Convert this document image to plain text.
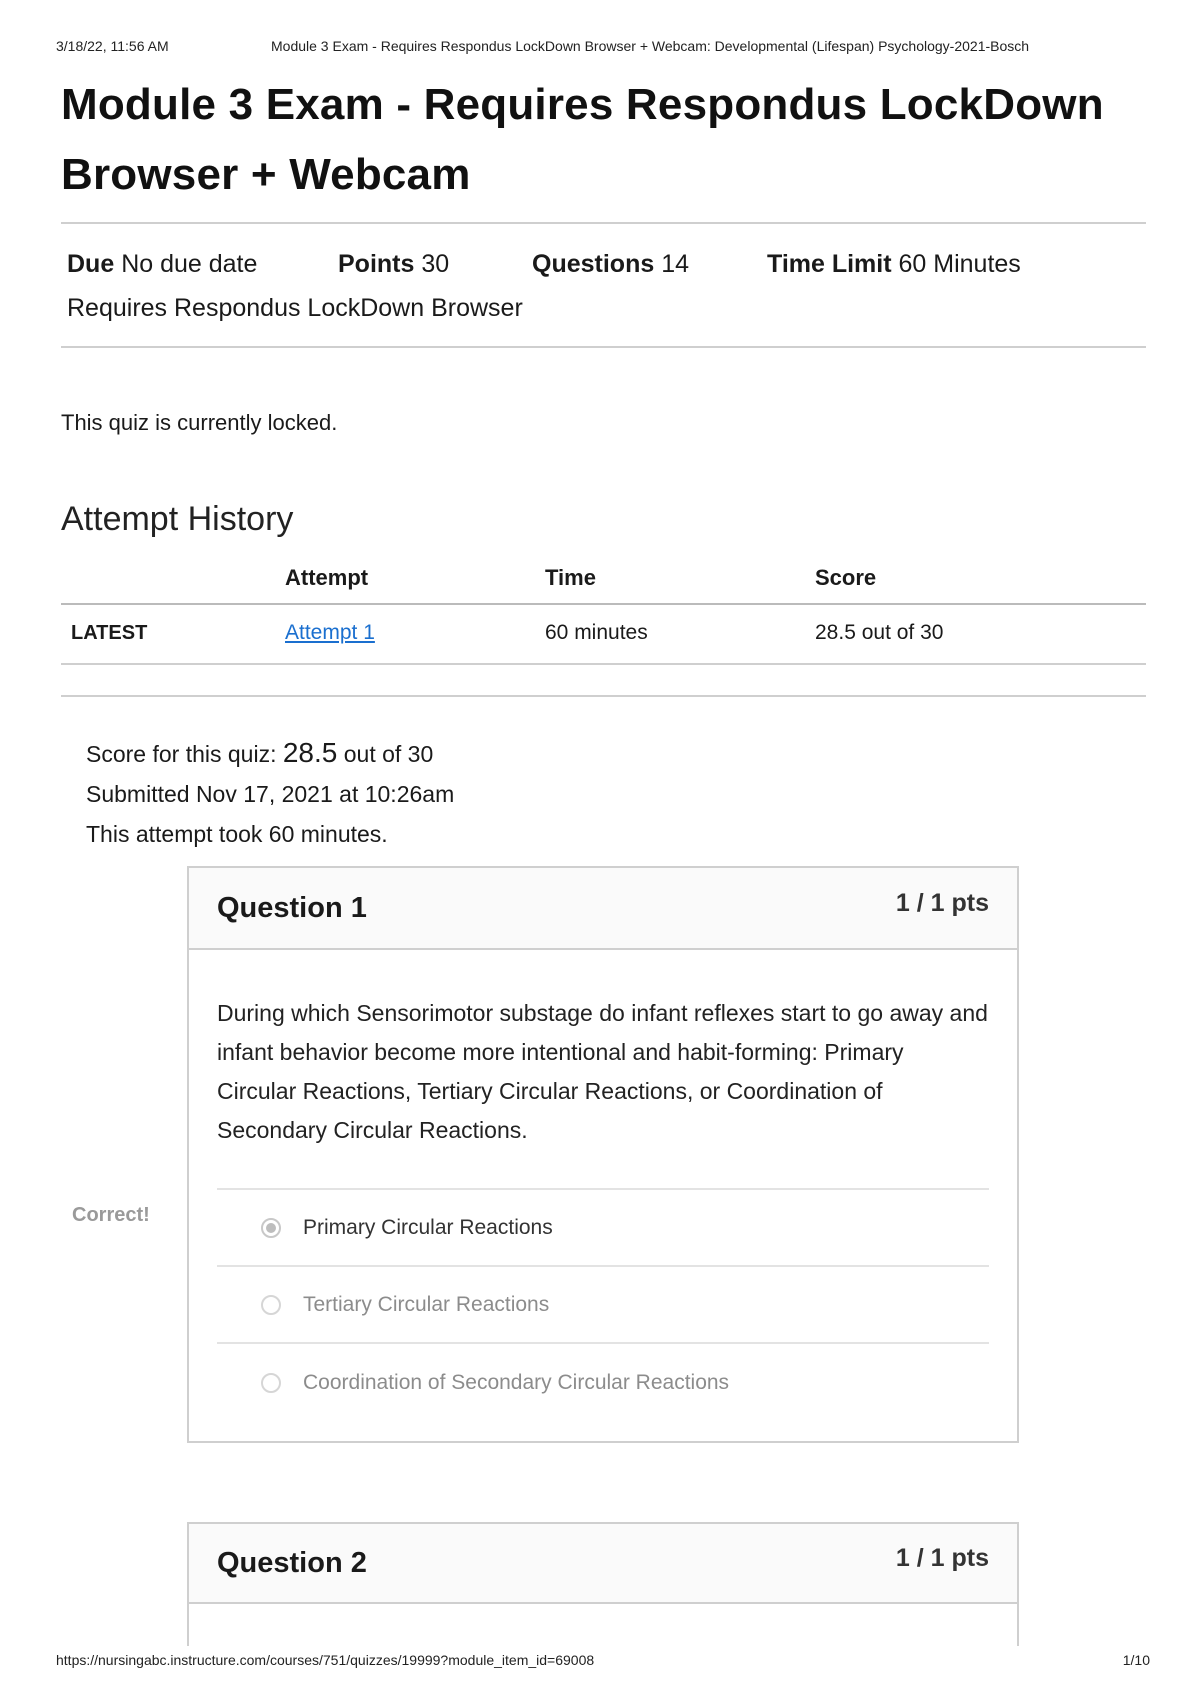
3/18/22, 11:56 AM	Module 3 Exam - Requires Respondus LockDown Browser + Webcam: Developmental (Lifespan) Psychology-2021-Bosch
Module 3 Exam - Requires Respondus LockDown Browser + Webcam
Due No due date	Points 30	Questions 14	Time Limit 60 Minutes
Requires Respondus LockDown Browser
This quiz is currently locked.
Attempt History
	Attempt	Time	Score
LATEST	Attempt 1	60 minutes	28.5 out of 30
Score for this quiz: 28.5 out of 30
Submitted Nov 17, 2021 at 10:26am
This attempt took 60 minutes.
Correct!
Question 1	1 / 1 pts

During which Sensorimotor substage do infant reflexes start to go away and infant behavior become more intentional and habit-forming: Primary Circular Reactions, Tertiary Circular Reactions, or Coordination of Secondary Circular Reactions.

Primary Circular Reactions
Tertiary Circular Reactions
Coordination of Secondary Circular Reactions
Question 2	1 / 1 pts
https://nursingabc.instructure.com/courses/751/quizzes/19999?module_item_id=69008	1/10
